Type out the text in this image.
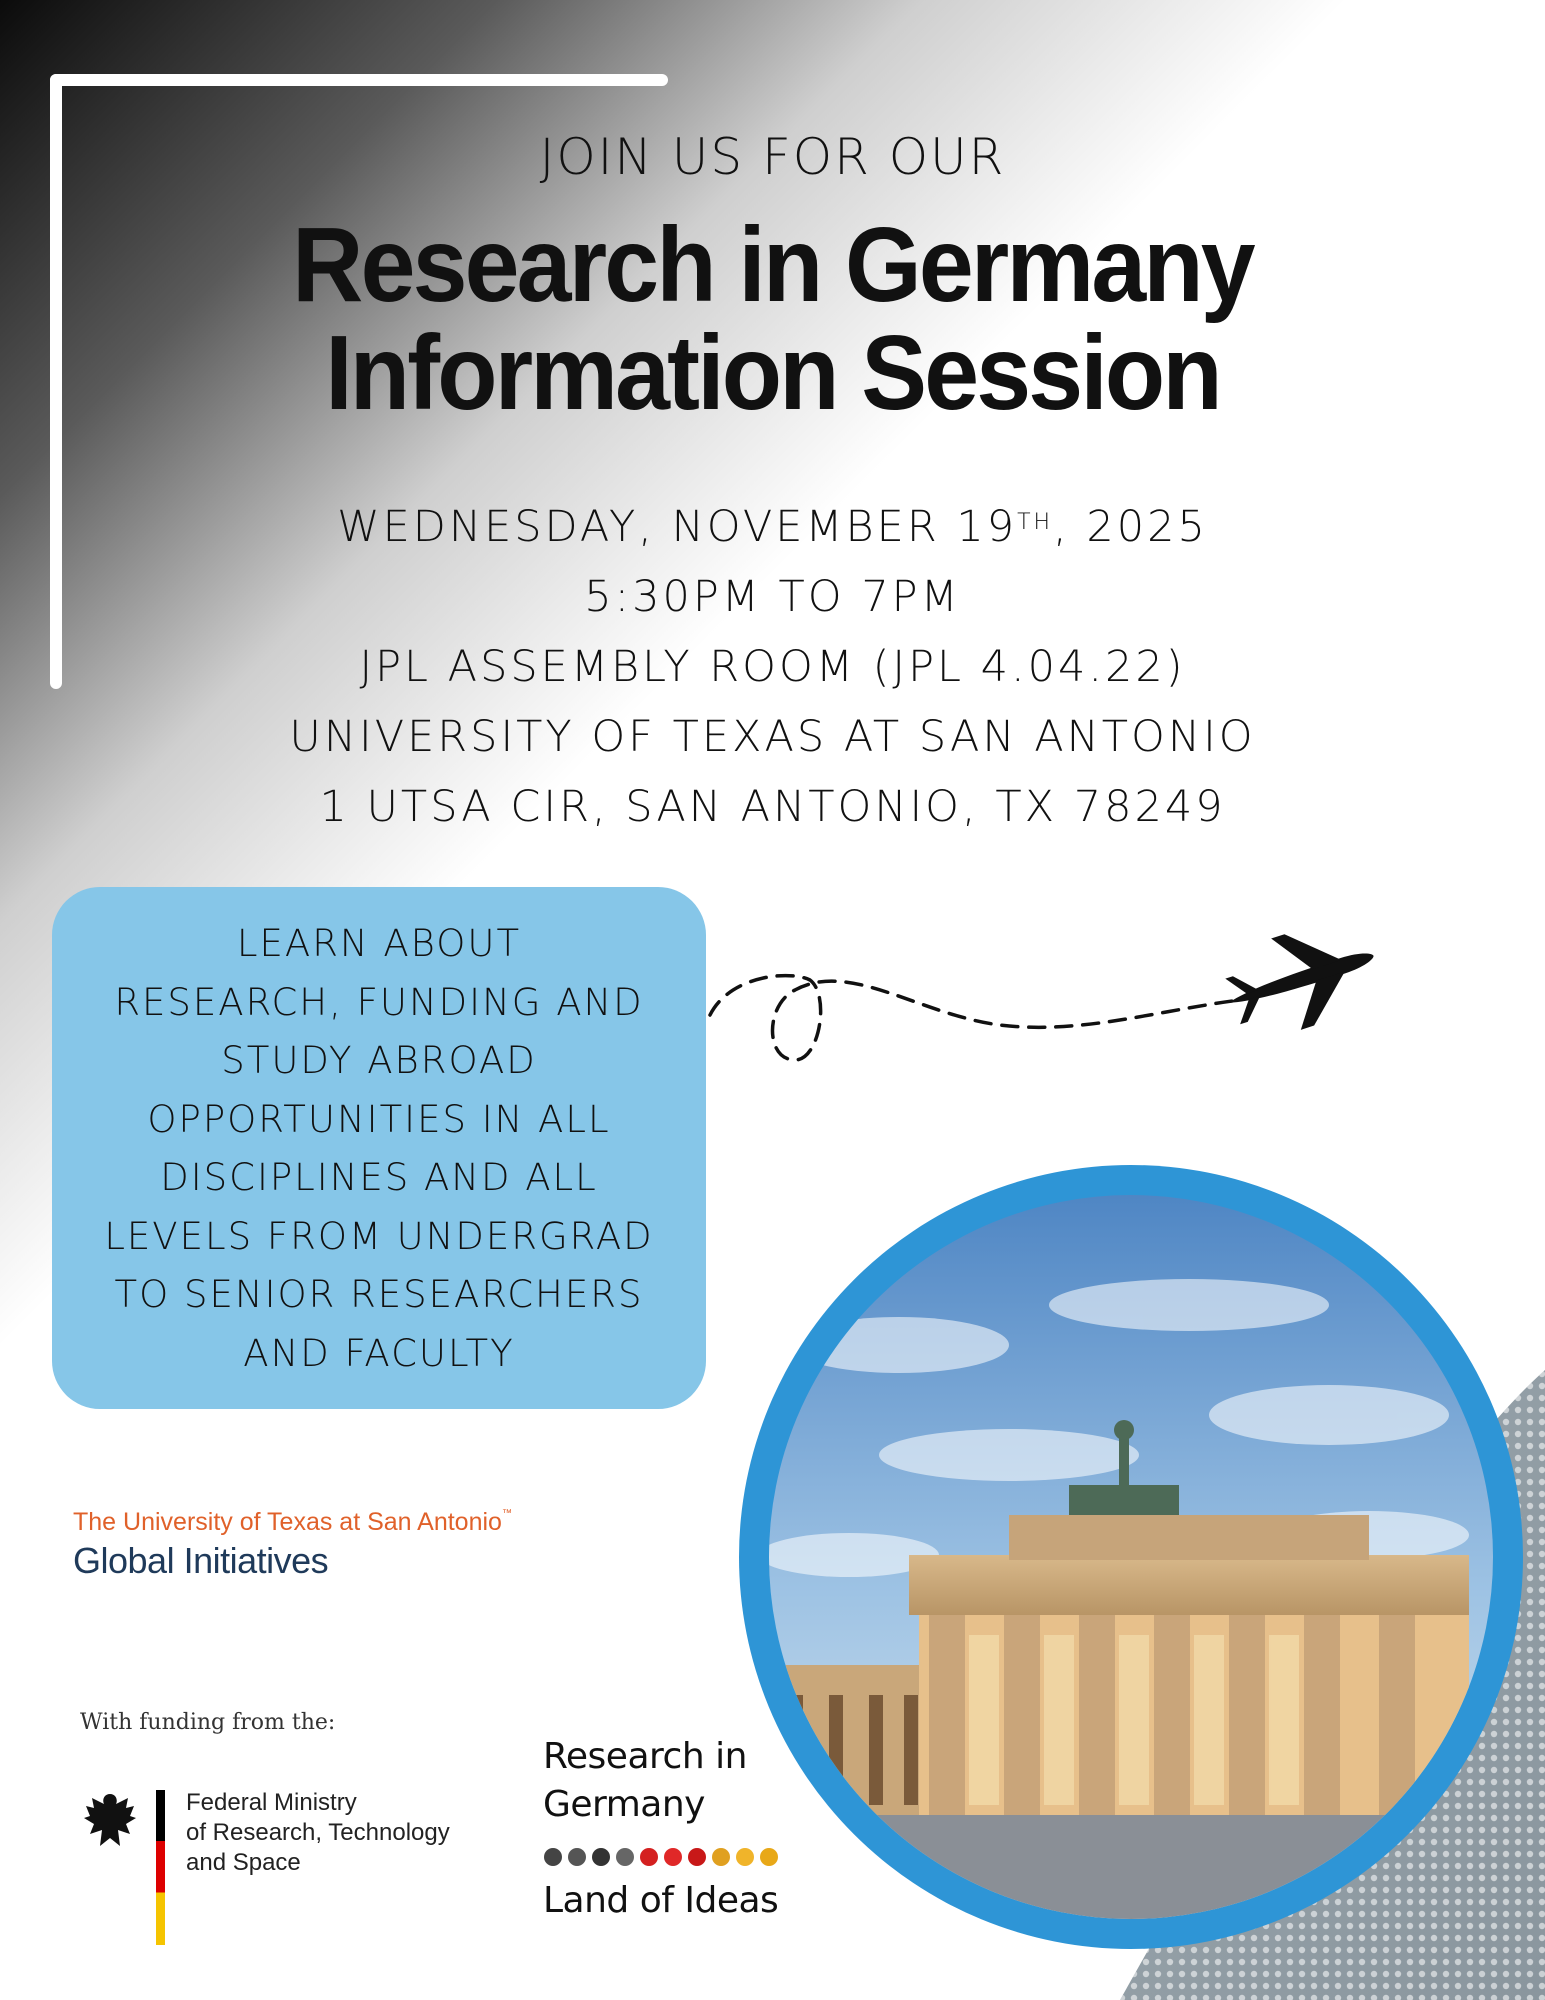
JOIN US FOR OUR
Research in Germany
Information Session
WEDNESDAY, NOVEMBER 19TH, 2025
5:30PM TO 7PM
JPL ASSEMBLY ROOM (JPL 4.04.22)
UNIVERSITY OF TEXAS AT SAN ANTONIO
1 UTSA CIR, SAN ANTONIO, TX 78249
LEARN ABOUT
RESEARCH, FUNDING AND
STUDY ABROAD
OPPORTUNITIES IN ALL
DISCIPLINES AND ALL
LEVELS FROM UNDERGRAD
TO SENIOR RESEARCHERS
AND FACULTY
The University of Texas at San Antonio™
Global Initiatives
With funding from the:
Federal Ministry
of Research, Technology
and Space
Research in
Germany
Land of Ideas
